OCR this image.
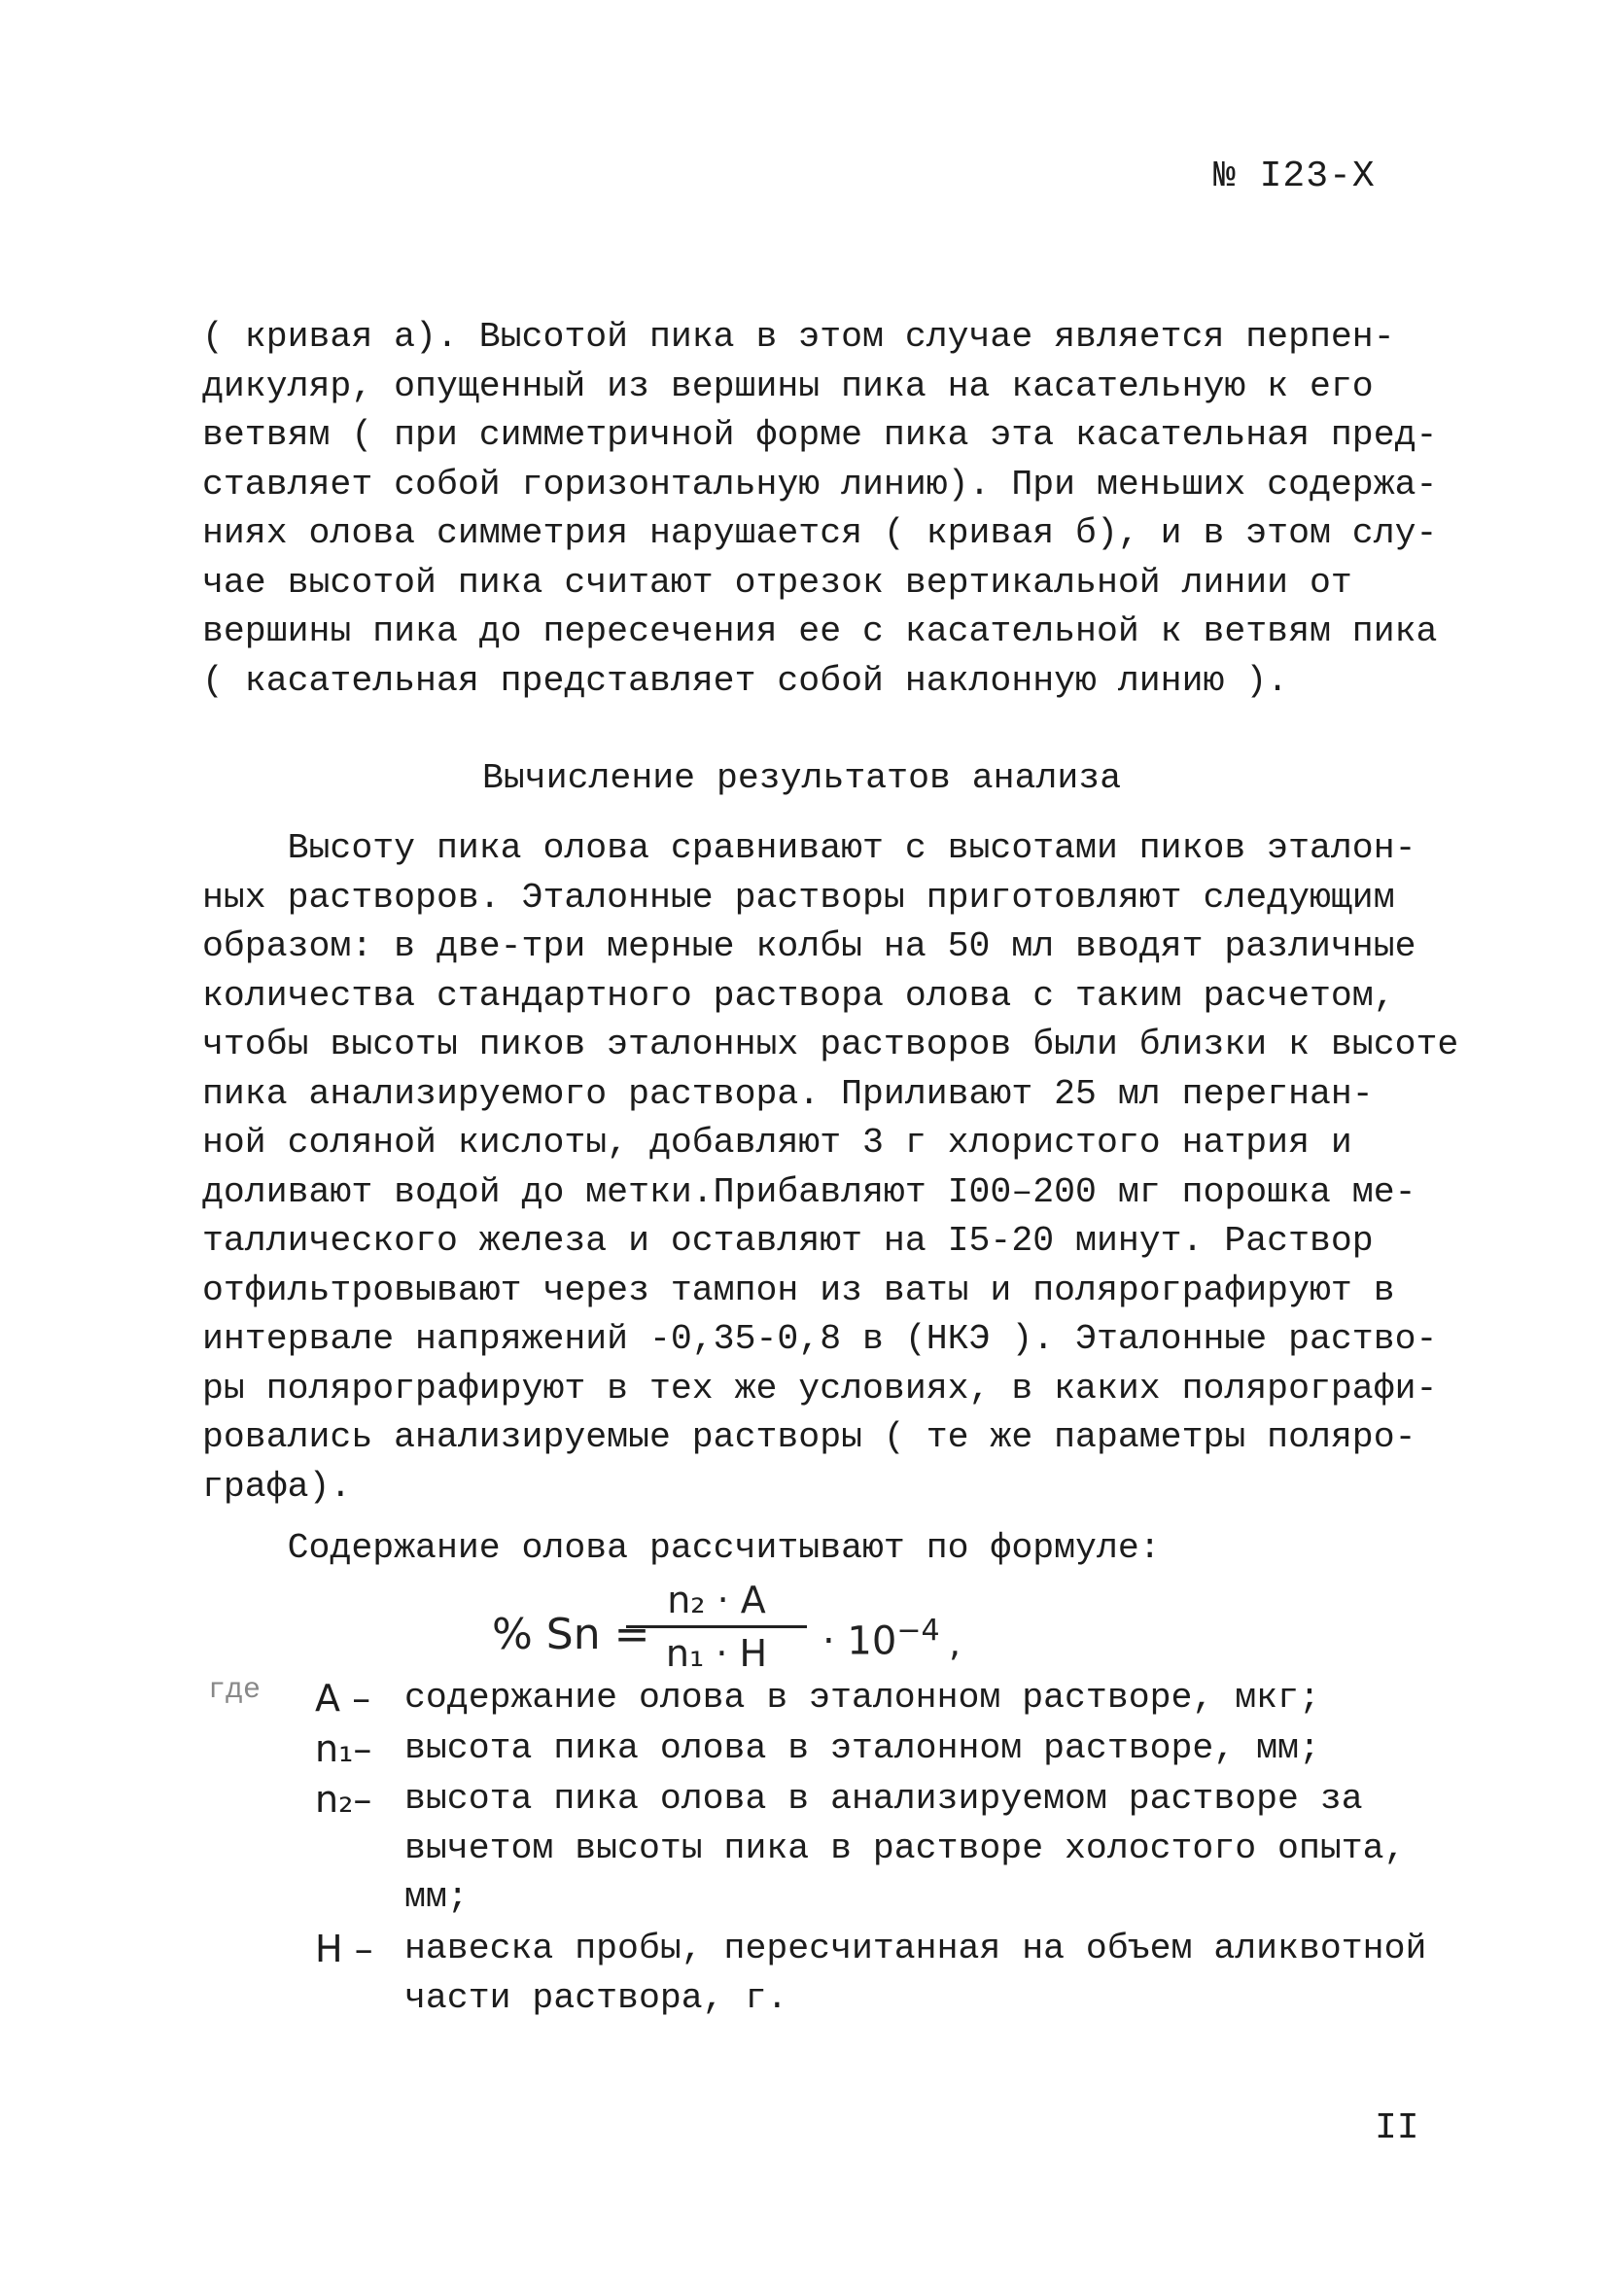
№ I23-Х
( кривая а). Высотой пика в этом случае является перпен-
дикуляр, опущенный из вершины пика на касательную к его
ветвям ( при симметричной форме пика эта касательная пред-
ставляет собой горизонтальную линию). При меньших содержа-
ниях олова симметрия нарушается ( кривая б), и в этом слу-
чае высотой пика считают отрезок вертикальной линии от
вершины пика до пересечения ее с касательной к ветвям пика
( касательная представляет собой наклонную линию ).
Вычисление результатов анализа
Высоту пика олова сравнивают с высотами пиков эталон-
ных растворов. Эталонные растворы приготовляют следующим
образом: в две-три мерные колбы на 50 мл вводят различные
количества стандартного раствора олова с таким расчетом,
чтобы высоты пиков эталонных растворов были близки к высоте
пика анализируемого раствора. Приливают 25 мл перегнан-
ной соляной кислоты, добавляют 3 г хлористого натрия и
доливают водой до метки.Прибавляют I00–200 мг порошка ме-
таллического железа и оставляют на I5-20 минут. Раствор
отфильтровывают через тампон из ваты и полярографируют в
интервале напряжений -0,35-0,8 в (НКЭ ). Эталонные раство-
ры полярографируют в тех же условиях, в каких полярографи-
ровались анализируемые растворы ( те же параметры поляро-
графа).
Содержание олова рассчитывают по формуле:
% Sn =
n₂ · A
n₁ · H	· $10^{-4}$ ,
где A – содержание олова в эталонном растворе, мкг;
n₁– высота пика олова в эталонном растворе, мм;
n₂– высота пика олова в анализируемом растворе за
вычетом высоты пика в растворе холостого опыта,
мм;
H – навеска пробы, пересчитанная на объем аликвотной
части раствора, г.
II
